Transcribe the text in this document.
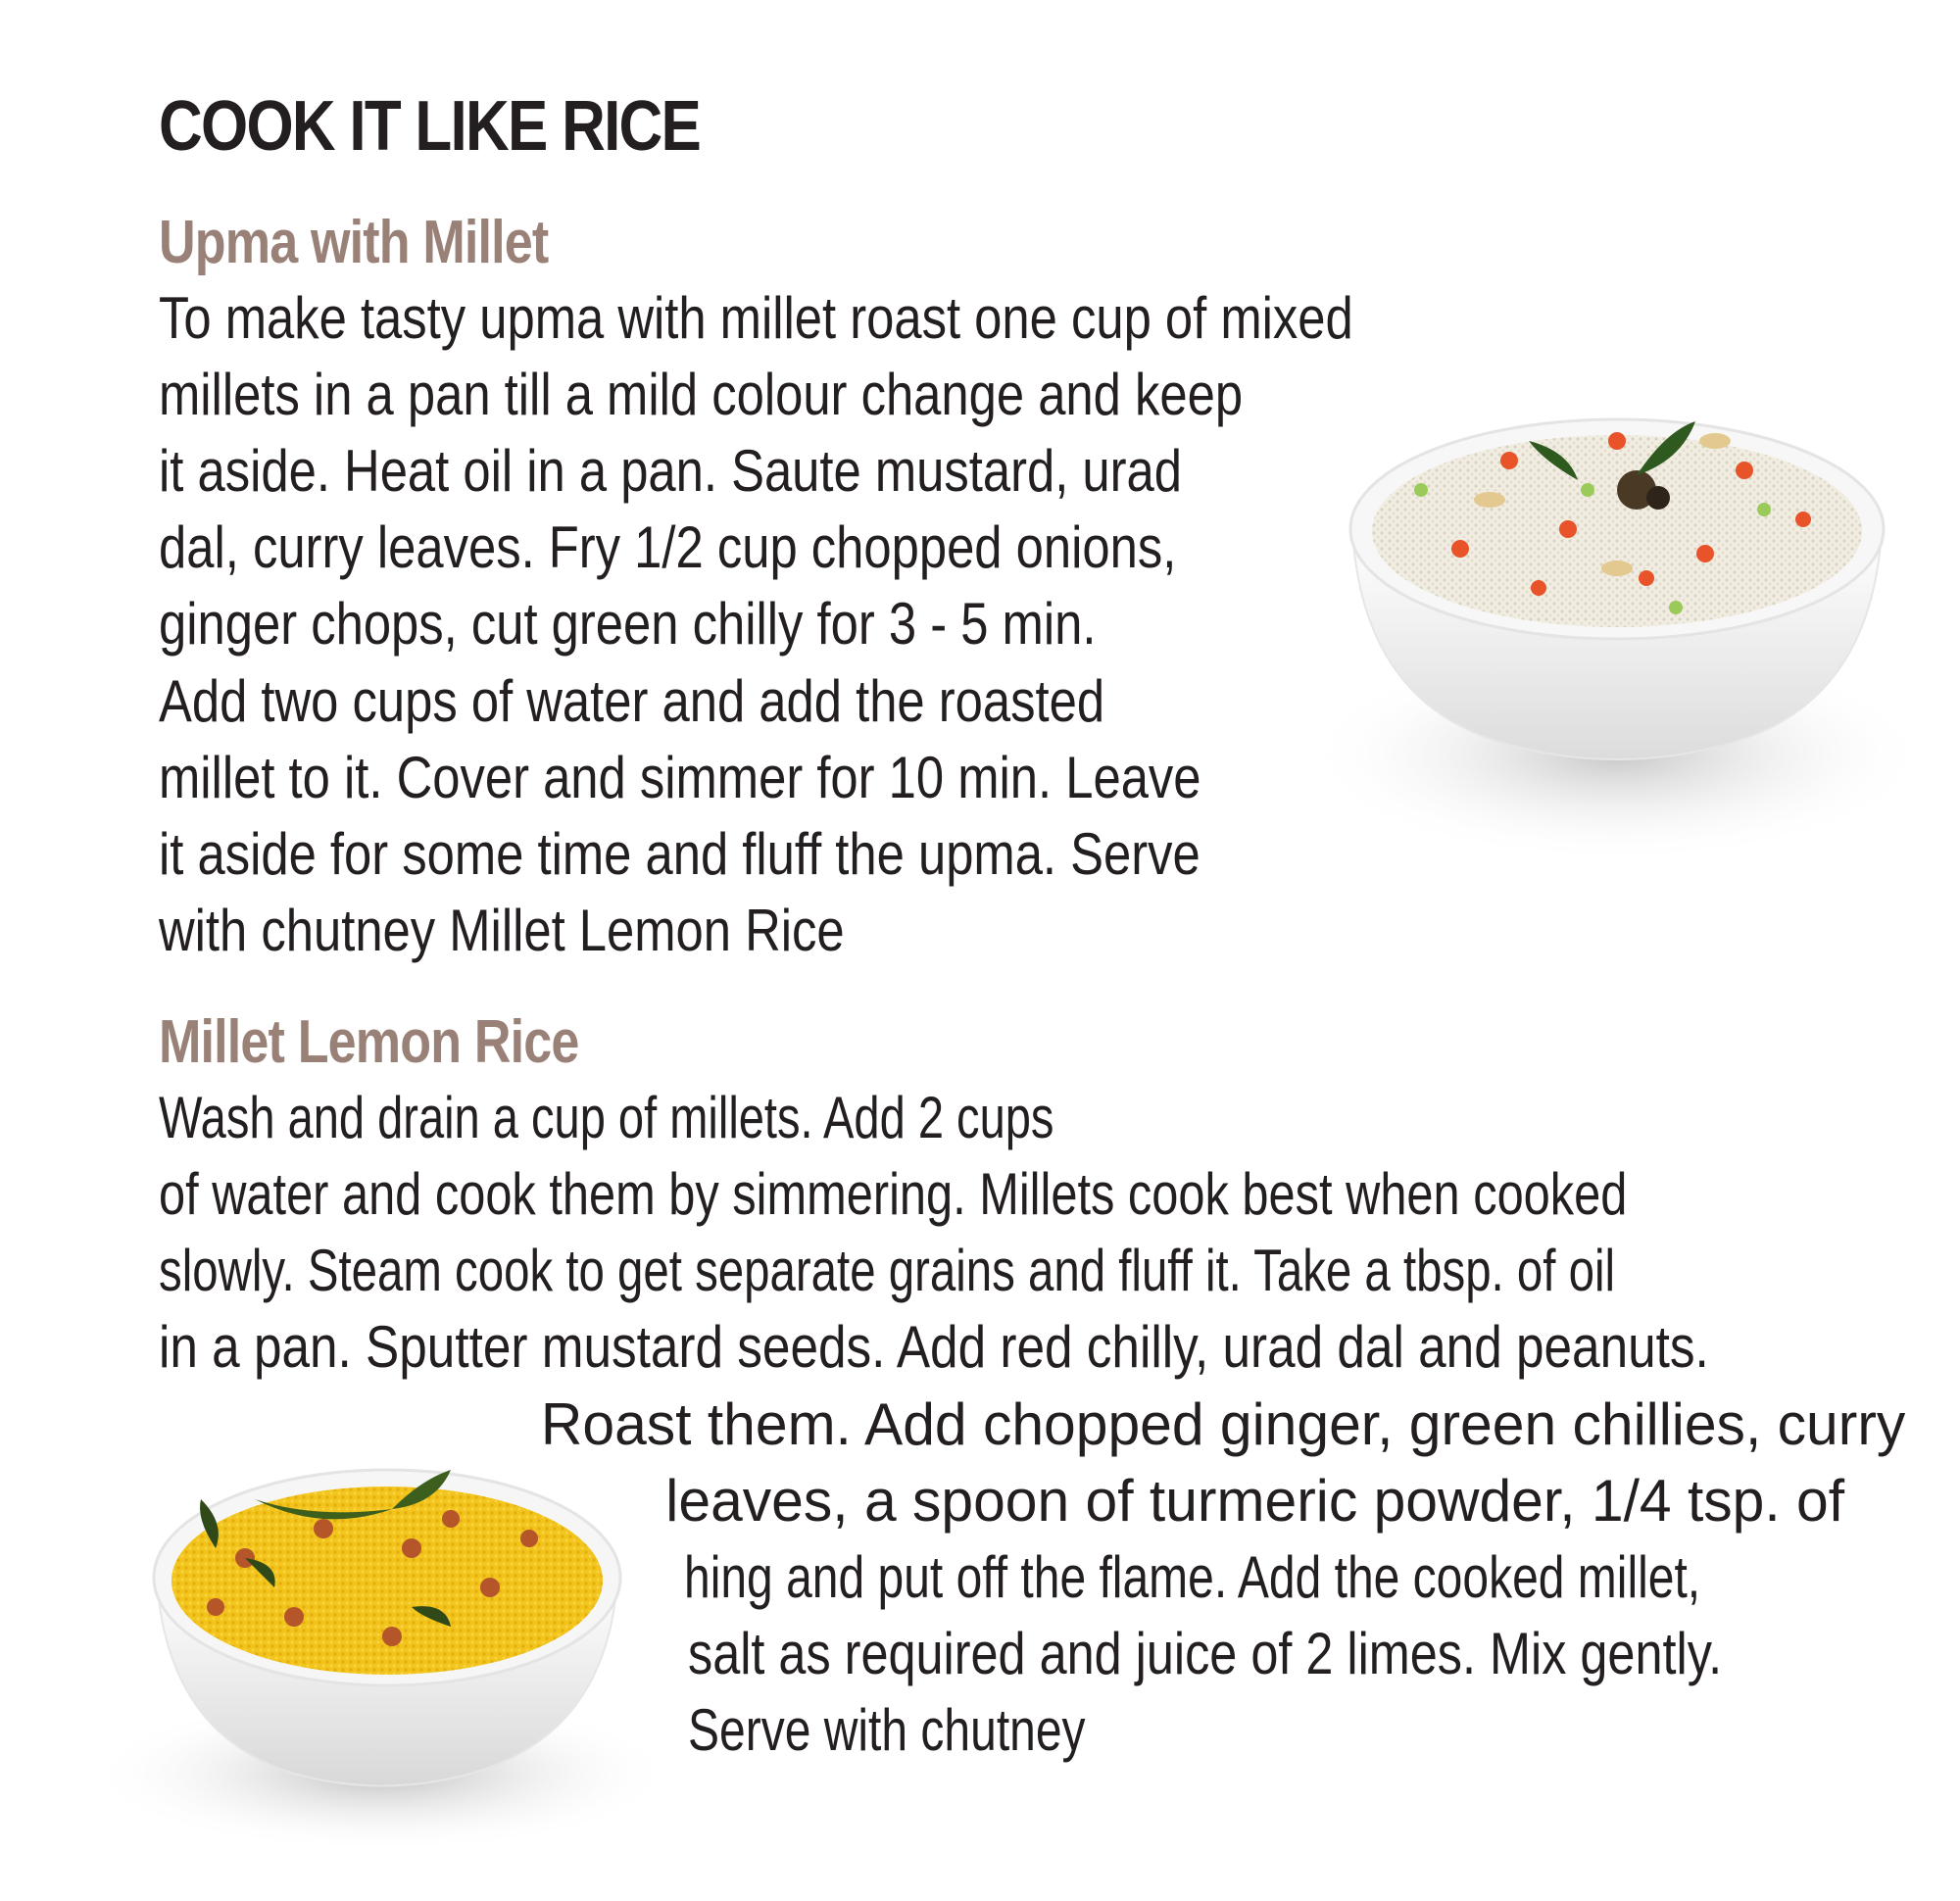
COOK IT LIKE RICE
Upma with Millet
To make tasty upma with millet roast one cup of mixed
millets in a pan till a mild colour change and keep
it aside. Heat oil in a pan. Saute mustard, urad
dal, curry leaves. Fry 1/2 cup chopped onions,
ginger chops, cut green chilly for 3 - 5 min.
Add two cups of water and add the roasted
millet to it. Cover and simmer for 10 min. Leave
it aside for some time and fluff the upma. Serve
with chutney Millet Lemon Rice
Millet Lemon Rice
Wash and drain a cup of millets. Add 2 cups
of water and cook them by simmering. Millets cook best when cooked
slowly. Steam cook to get separate grains and fluff it. Take a tbsp. of oil
in a pan. Sputter mustard seeds. Add red chilly, urad dal and peanuts.
Roast them. Add chopped ginger, green chillies, curry
leaves, a spoon of turmeric powder, 1/4 tsp. of
hing and put off the flame. Add the cooked millet,
salt as required and juice of 2 limes. Mix gently.
Serve with chutney
